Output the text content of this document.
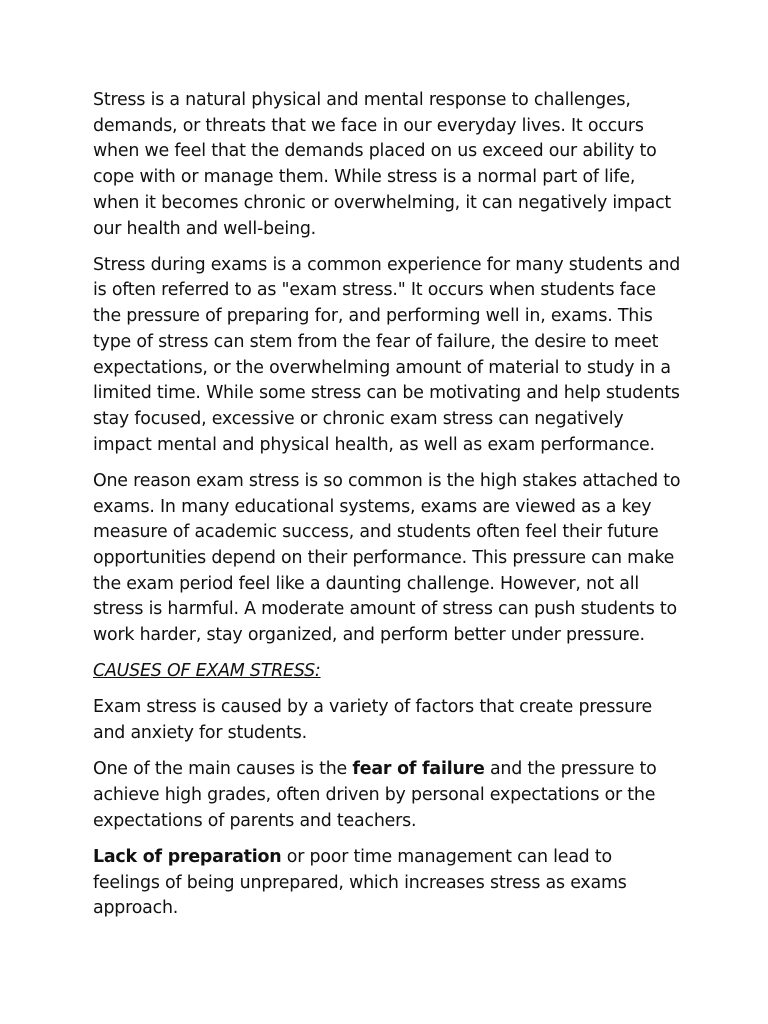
Stress is a natural physical and mental response to challenges, demands, or threats that we face in our everyday lives. It occurs when we feel that the demands placed on us exceed our ability to cope with or manage them. While stress is a normal part of life, when it becomes chronic or overwhelming, it can negatively impact our health and well-being.

Stress during exams is a common experience for many students and is often referred to as "exam stress." It occurs when students face the pressure of preparing for, and performing well in, exams. This type of stress can stem from the fear of failure, the desire to meet expectations, or the overwhelming amount of material to study in a limited time. While some stress can be motivating and help students stay focused, excessive or chronic exam stress can negatively impact mental and physical health, as well as exam performance.

One reason exam stress is so common is the high stakes attached to exams. In many educational systems, exams are viewed as a key measure of academic success, and students often feel their future opportunities depend on their performance. This pressure can make the exam period feel like a daunting challenge. However, not all stress is harmful. A moderate amount of stress can push students to work harder, stay organized, and perform better under pressure.

CAUSES OF EXAM STRESS:

Exam stress is caused by a variety of factors that create pressure and anxiety for students.

One of the main causes is the fear of failure and the pressure to achieve high grades, often driven by personal expectations or the expectations of parents and teachers.

Lack of preparation or poor time management can lead to feelings of being unprepared, which increases stress as exams approach.
